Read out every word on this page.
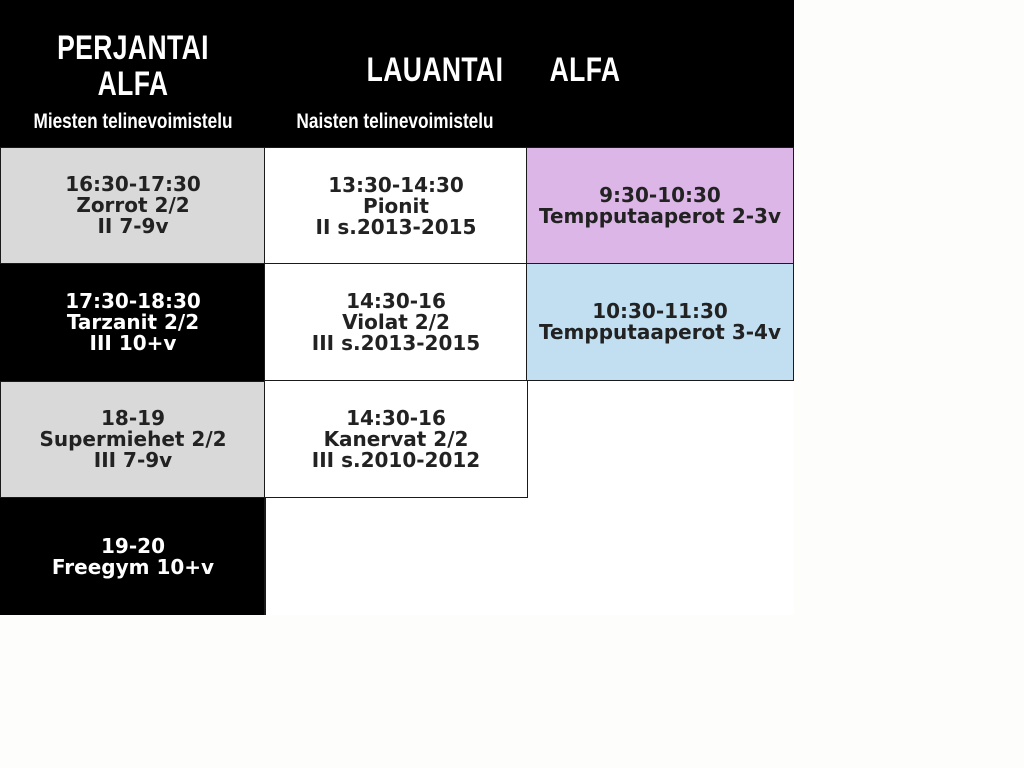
PERJANTAI
ALFA
Miesten telinevoimistelu
LAUANTAI	ALFA
Naisten telinevoimistelu
16:30-17:30
Zorrot 2/2
II 7-9v
17:30-18:30
Tarzanit 2/2
III 10+v
18-19
Supermiehet 2/2
III 7-9v
19-20
Freegym 10+v
13:30-14:30
Pionit
II s.2013-2015
14:30-16
Violat 2/2
III s.2013-2015
14:30-16
Kanervat 2/2
III s.2010-2012
9:30-10:30
Tempputaaperot 2-3v
10:30-11:30
Tempputaaperot 3-4v
